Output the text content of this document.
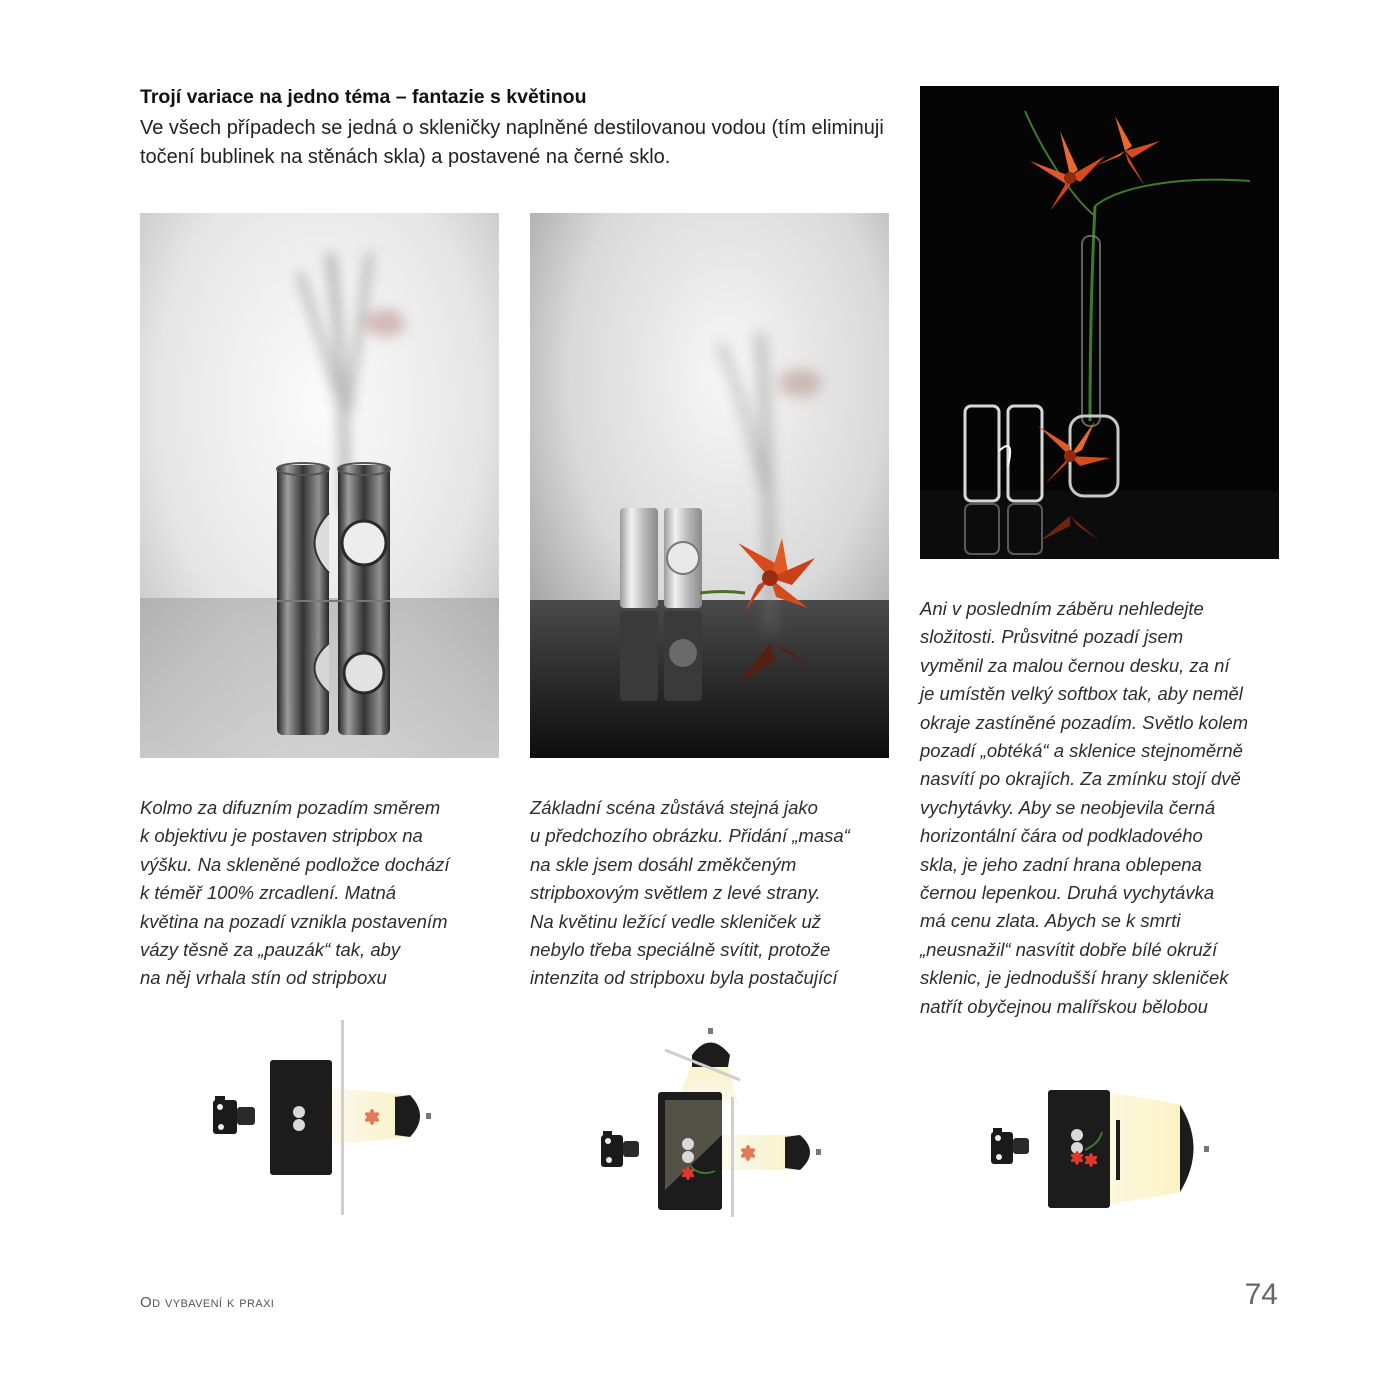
Trojí variace na jedno téma – fantazie s květinou
Ve všech případech se jedná o skleničky naplněné destilovanou vodou (tím eliminuji točení bublinek na stěnách skla) a postavené na černé sklo.
Kolmo za difuzním pozadím směrem
k objektivu je postaven stripbox na
výšku. Na skleněné podložce dochází
k téměř 100% zrcadlení. Matná
květina na pozadí vznikla postavením
vázy těsně za „pauzák“ tak, aby
na něj vrhala stín od stripboxu
Základní scéna zůstává stejná jako
u předchozího obrázku. Přidání „masa“
na skle jsem dosáhl změkčeným
stripboxovým světlem z levé strany.
Na květinu ležící vedle skleniček už
nebylo třeba speciálně svítit, protože
intenzita od stripboxu byla postačující
Ani v posledním záběru nehledejte
složitosti. Průsvitné pozadí jsem
vyměnil za malou černou desku, za ní
je umístěn velký softbox tak, aby neměl
okraje zastíněné pozadím. Světlo kolem
pozadí „obtéká“ a sklenice stejnoměrně
nasvítí po okrajích. Za zmínku stojí dvě
vychytávky. Aby se neobjevila černá
horizontální čára od podkladového
skla, je jeho zadní hrana oblepena
černou lepenkou. Druhá vychytávka
má cenu zlata. Abych se k smrti
„neusnažil“ nasvítit dobře bílé okruží
sklenic, je jednodušší hrany skleniček
natřít obyčejnou malířskou bělobou
Od vybavení k praxi	74
